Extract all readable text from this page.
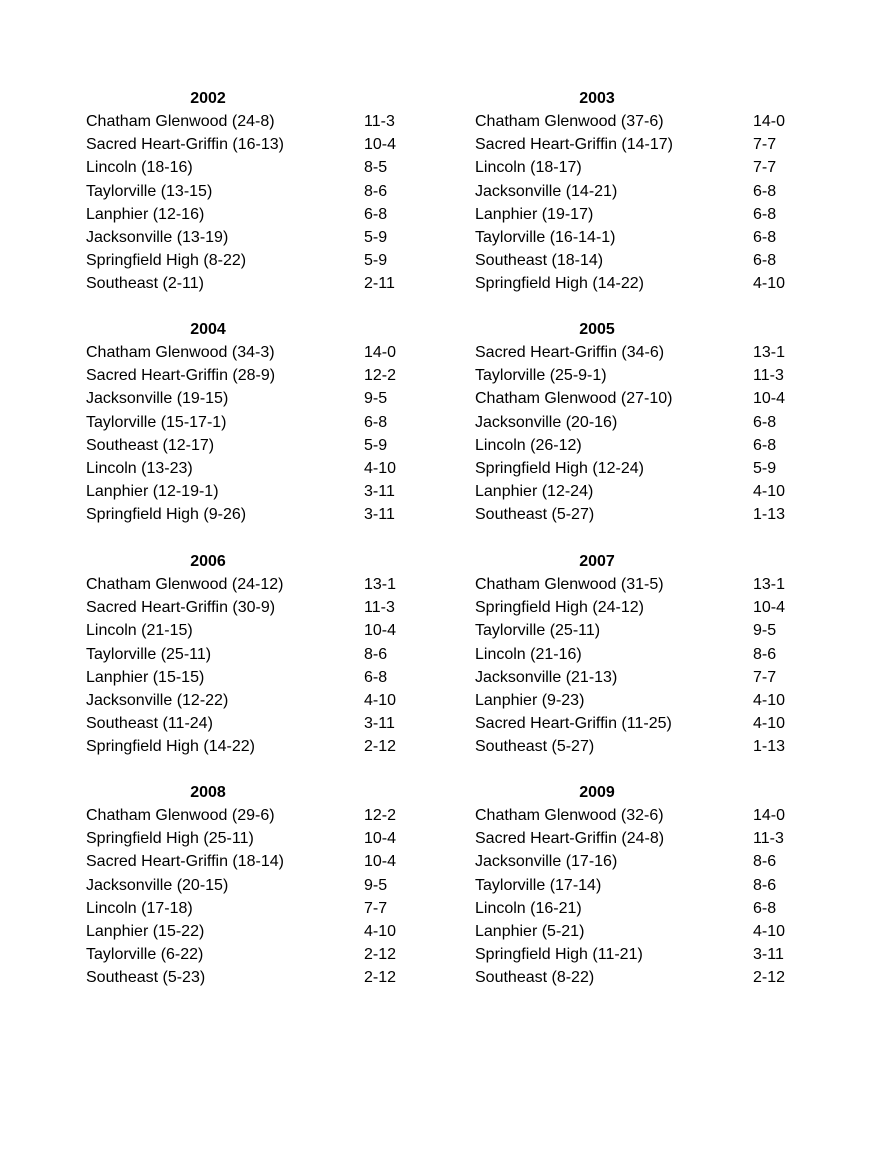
2002
Chatham Glenwood (24-8)	11-3
Sacred Heart-Griffin (16-13)	10-4
Lincoln (18-16)	8-5
Taylorville (13-15)	8-6
Lanphier (12-16)	6-8
Jacksonville (13-19)	5-9
Springfield High (8-22)	5-9
Southeast (2-11)	2-11
2003
Chatham Glenwood (37-6)	14-0
Sacred Heart-Griffin (14-17)	7-7
Lincoln (18-17)	7-7
Jacksonville (14-21)	6-8
Lanphier (19-17)	6-8
Taylorville (16-14-1)	6-8
Southeast (18-14)	6-8
Springfield High (14-22)	4-10
2004
Chatham Glenwood (34-3)	14-0
Sacred Heart-Griffin (28-9)	12-2
Jacksonville (19-15)	9-5
Taylorville (15-17-1)	6-8
Southeast (12-17)	5-9
Lincoln (13-23)	4-10
Lanphier (12-19-1)	3-11
Springfield High (9-26)	3-11
2005
Sacred Heart-Griffin (34-6)	13-1
Taylorville (25-9-1)	11-3
Chatham Glenwood (27-10)	10-4
Jacksonville (20-16)	6-8
Lincoln (26-12)	6-8
Springfield High (12-24)	5-9
Lanphier (12-24)	4-10
Southeast (5-27)	1-13
2006
Chatham Glenwood (24-12)	13-1
Sacred Heart-Griffin (30-9)	11-3
Lincoln (21-15)	10-4
Taylorville (25-11)	8-6
Lanphier (15-15)	6-8
Jacksonville (12-22)	4-10
Southeast (11-24)	3-11
Springfield High (14-22)	2-12
2007
Chatham Glenwood (31-5)	13-1
Springfield High (24-12)	10-4
Taylorville (25-11)	9-5
Lincoln (21-16)	8-6
Jacksonville (21-13)	7-7
Lanphier (9-23)	4-10
Sacred Heart-Griffin (11-25)	4-10
Southeast (5-27)	1-13
2008
Chatham Glenwood (29-6)	12-2
Springfield High (25-11)	10-4
Sacred Heart-Griffin (18-14)	10-4
Jacksonville (20-15)	9-5
Lincoln (17-18)	7-7
Lanphier (15-22)	4-10
Taylorville (6-22)	2-12
Southeast (5-23)	2-12
2009
Chatham Glenwood (32-6)	14-0
Sacred Heart-Griffin (24-8)	11-3
Jacksonville (17-16)	8-6
Taylorville (17-14)	8-6
Lincoln (16-21)	6-8
Lanphier (5-21)	4-10
Springfield High (11-21)	3-11
Southeast (8-22)	2-12
